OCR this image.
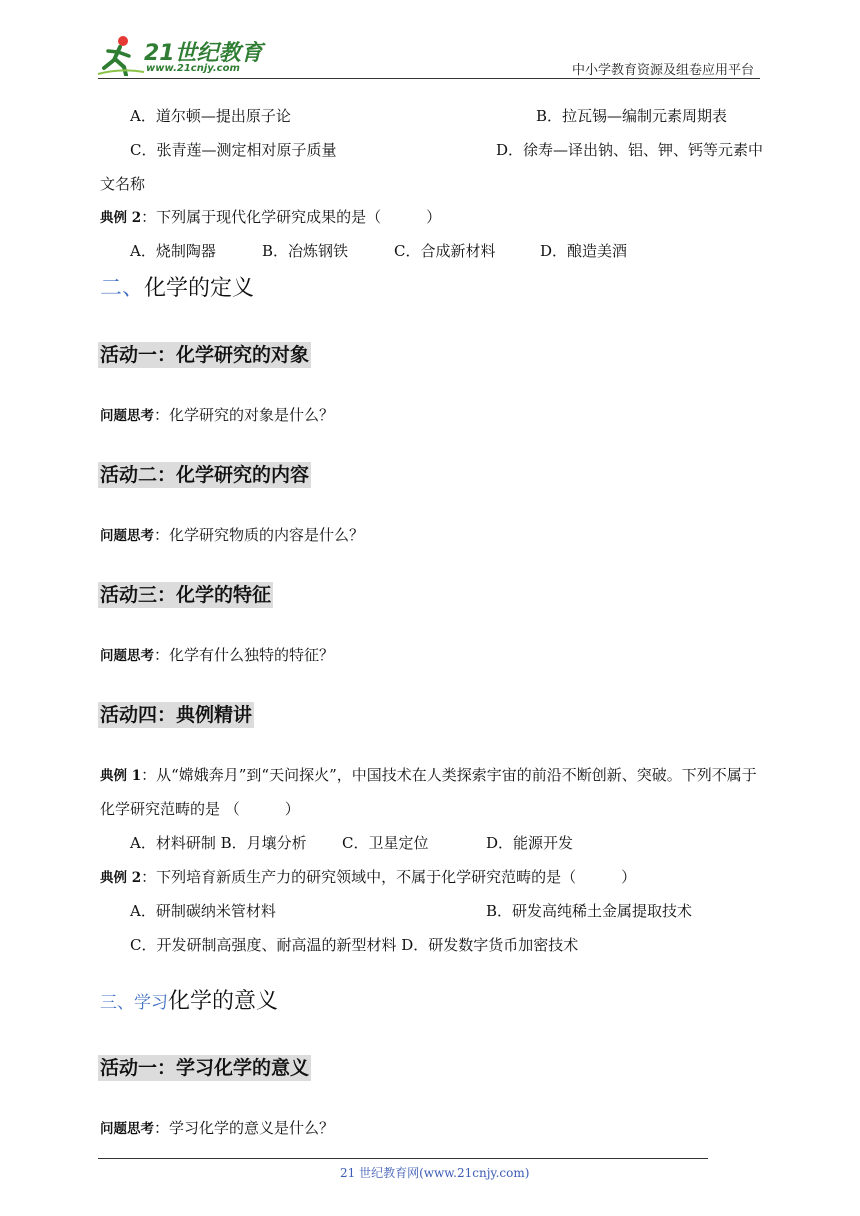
21世纪教育
www.21cnjy.com	中小学教育资源及组卷应用平台
A．道尔顿—提出原子论	B．拉瓦锡—编制元素周期表
C．张青莲—测定相对原子质量	D．徐寿—译出钠、铝、钾、钙等元素中
文名称
典例 2：下列属于现代化学研究成果的是（　　　）
A．烧制陶器	B．冶炼钢铁	C．合成新材料	D．酿造美酒
二、化学的定义
活动一：化学研究的对象
问题思考：化学研究的对象是什么？
活动二：化学研究的内容
问题思考：化学研究物质的内容是什么？
活动三：化学的特征
问题思考：化学有什么独特的特征？
活动四：典例精讲
典例 1：从“嫦娥奔月”到“天问探火”，中国技术在人类探索宇宙的前沿不断创新、突破。下列不属于
化学研究范畴的是 （　　　）
A．材料研制 B．月壤分析 C．卫星定位	D．能源开发
典例 2：下列培育新质生产力的研究领域中，不属于化学研究范畴的是（　　　）
A．研制碳纳米管材料	B．研发高纯稀土金属提取技术
C．开发研制高强度、耐高温的新型材料 D．研发数字货币加密技术
三、学习化学的意义
活动一：学习化学的意义
问题思考：学习化学的意义是什么？
21 世纪教育网(www.21cnjy.com)
